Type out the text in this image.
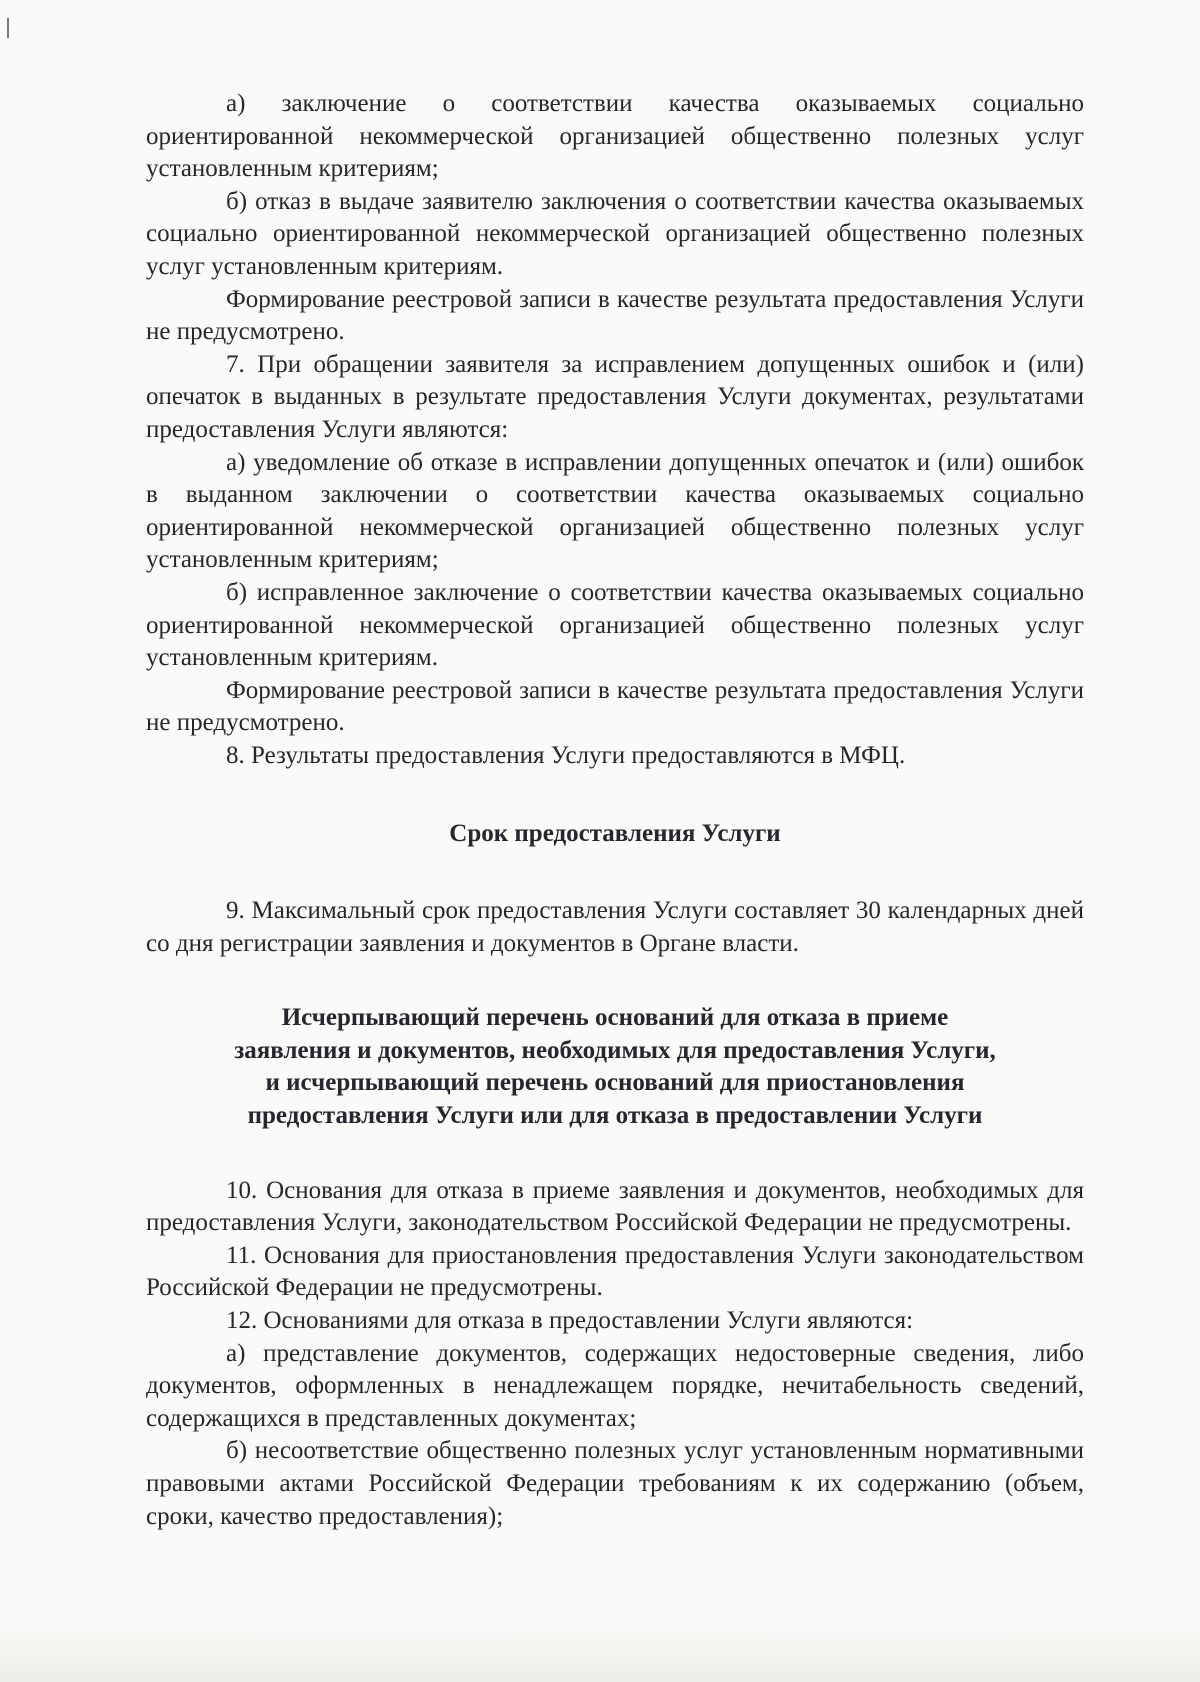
а) заключение о соответствии качества оказываемых социально ориентированной некоммерческой организацией общественно полезных услуг установленным критериям;

б) отказ в выдаче заявителю заключения о соответствии качества оказываемых социально ориентированной некоммерческой организацией общественно полезных услуг установленным критериям.

Формирование реестровой записи в качестве результата предоставления Услуги не предусмотрено.

7. При обращении заявителя за исправлением допущенных ошибок и (или) опечаток в выданных в результате предоставления Услуги документах, результатами предоставления Услуги являются:

а) уведомление об отказе в исправлении допущенных опечаток и (или) ошибок в выданном заключении о соответствии качества оказываемых социально ориентированной некоммерческой организацией общественно полезных услуг установленным критериям;

б) исправленное заключение о соответствии качества оказываемых социально ориентированной некоммерческой организацией общественно полезных услуг установленным критериям.

Формирование реестровой записи в качестве результата предоставления Услуги не предусмотрено.

8. Результаты предоставления Услуги предоставляются в МФЦ.

Срок предоставления Услуги

9. Максимальный срок предоставления Услуги составляет 30 календарных дней со дня регистрации заявления и документов в Органе власти.

Исчерпывающий перечень оснований для отказа в приеме
заявления и документов, необходимых для предоставления Услуги,
и исчерпывающий перечень оснований для приостановления
предоставления Услуги или для отказа в предоставлении Услуги

10. Основания для отказа в приеме заявления и документов, необходимых для предоставления Услуги, законодательством Российской Федерации не предусмотрены.

11. Основания для приостановления предоставления Услуги законодательством Российской Федерации не предусмотрены.

12. Основаниями для отказа в предоставлении Услуги являются:

а) представление документов, содержащих недостоверные сведения, либо документов, оформленных в ненадлежащем порядке, нечитабельность сведений, содержащихся в представленных документах;

б) несоответствие общественно полезных услуг установленным нормативными правовыми актами Российской Федерации требованиям к их содержанию (объем, сроки, качество предоставления);
